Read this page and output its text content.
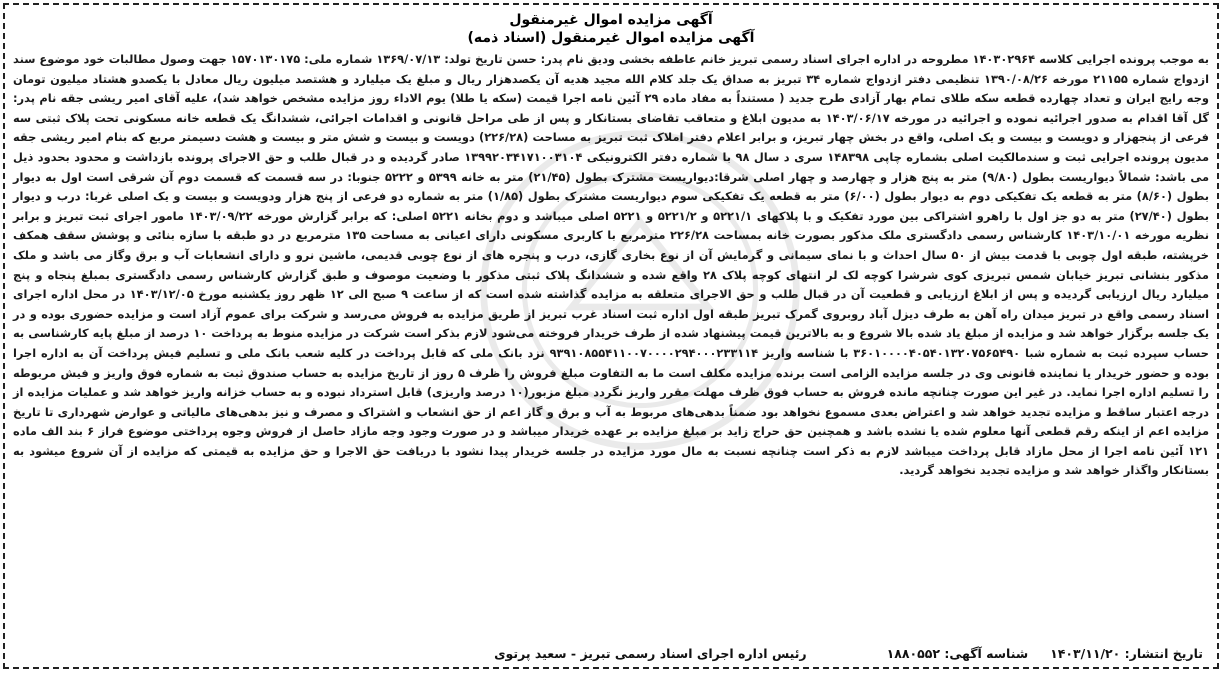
آگهی مزایده اموال غیرمنقول
آگهی مزایده اموال غیرمنقول (اسناد ذمه)
به موجب پرونده اجرایی کلاسه ۱۴۰۳۰۲۹۶۴ مطروحه در اداره اجرای اسناد رسمی تبریز خانم عاطفه بخشی ودیق نام پدر: حسن تاریخ تولد: ۱۳۶۹/۰۷/۱۳ شماره ملی: ۱۵۷۰۱۳۰۱۷۵ جهت وصول مطالبات خود موضوع سند ازدواج شماره ۲۱۱۵۵ مورخه ۱۳۹۰/۰۸/۲۶ تنظیمی دفتر ازدواج شماره ۳۴ تبریز به صداق یک جلد کلام الله مجید هدیه آن یکصدهزار ریال و مبلغ یک میلیارد و هشتصد میلیون ریال معادل با یکصدو هشتاد میلیون تومان وجه رایج ایران و تعداد چهارده قطعه سکه طلای تمام بهار آزادی طرح جدید ( مستنداً به مفاد ماده ۲۹ آئین نامه اجرا قیمت (سکه یا طلا) یوم الاداء روز مزایده مشخص خواهد شد)، علیه آقای امیر ریشی جقه نام پدر: گل آقا اقدام به صدور اجرائیه نموده و اجرائیه در مورخه ۱۴۰۳/۰۶/۱۷ به مدیون ابلاغ و متعاقب تقاضای بستانکار و پس از طی مراحل قانونی و اقدامات اجرائی، ششدانگ یک قطعه خانه مسکونی تحت پلاک ثبتی سه فرعی از پنجهزار و دویست و بیست و یک اصلی، واقع در بخش چهار تبریز، و برابر اعلام دفتر املاک ثبت تبریز به مساحت (۲۲۶/۲۸) دویست و بیست و شش متر و بیست و هشت دسیمتر مربع که بنام امیر ریشی جقه مدیون پرونده اجرایی ثبت و سندمالکیت اصلی بشماره چاپی ۱۴۸۳۹۸ سری د سال ۹۸ با شماره دفتر الکترونیکی ۱۳۹۹۲۰۳۴۱۷۱۰۰۳۱۰۴ صادر گردیده و در قبال طلب و حق الاجرای پرونده بازداشت و محدود بحدود ذیل می باشد: شمالاً دیواریست بطول (۹/۸۰) متر به پنج هزار و چهارصد و چهار اصلی شرقا:دیواریست مشترک بطول (۲۱/۴۵) متر به خانه ۵۳۹۹ و ۵۲۲۲ جنوبا: در سه قسمت که قسمت دوم آن شرقی است اول به دیوار بطول (۸/۶۰) متر به قطعه یک تفکیکی دوم به دیوار بطول (۶/۰۰) متر به قطعه یک تفکیکی سوم دیواریست مشترک بطول (۱/۸۵) متر به شماره دو فرعی از پنج هزار ودویست و بیست و یک اصلی غربا: درب و دیوار بطول (۲۷/۴۰) متر به دو جز اول با راهرو اشتراکی بین مورد تفکیک و با پلاکهای ۵۲۲۱/۱ و ۵۲۲۱/۲ و ۵۲۲۱ اصلی میباشد و دوم بخانه ۵۲۲۱ اصلی: که برابر گزارش مورخه ۱۴۰۳/۰۹/۲۲ مامور اجرای ثبت تبریز و برابر نظریه مورخه ۱۴۰۳/۱۰/۰۱ کارشناس رسمی دادگستری ملک مذکور بصورت خانه بمساحت ۲۲۶/۲۸ مترمربع با کاربری مسکونی دارای اعیانی به مساحت ۱۳۵ مترمربع در دو طبقه با سازه بنائی و پوشش سقف همکف خرپشته، طبقه اول چوبی با قدمت بیش از ۵۰ سال احداث و با نمای سیمانی و گرمایش آن از نوع بخاری گازی، درب و پنجره های از نوع چوبی قدیمی، ماشین نرو و دارای انشعابات آب و برق وگاز می باشد و ملک مذکور بنشانی تبریز خیابان شمس تبریزی کوی شرشرا کوچه لک لر انتهای کوچه پلاک ۲۸ واقع شده و ششدانگ پلاک ثبتی مذکور با وضعیت موصوف و طبق گزارش کارشناس رسمی دادگستری بمبلغ پنجاه و پنج میلیارد ریال ارزیابی گردیده و پس از ابلاغ ارزیابی و قطعیت آن در قبال طلب و حق الاجرای متعلقه به مزایده گذاشته شده است که از ساعت ۹ صبح الی ۱۲ ظهر روز یکشنبه مورخ ۱۴۰۳/۱۲/۰۵ در محل اداره اجرای اسناد رسمی واقع در تبریز میدان راه آهن به طرف دیزل آباد روبروی گمرک تبریز طبقه اول اداره ثبت اسناد غرب تبریز از طریق مزایده به فروش می‌رسد و شرکت برای عموم آزاد است و مزایده حضوری بوده و در یک جلسه برگزار خواهد شد و مزایده از مبلغ یاد شده بالا شروع و به بالاترین قیمت پیشنهاد شده از طرف خریدار فروخته می‌شود لازم بذکر است شرکت در مزایده منوط به پرداخت ۱۰ درصد از مبلغ پایه کارشناسی به حساب سپرده ثبت به شماره شبا ۳۶۰۱۰۰۰۰۴۰۵۴۰۱۳۲۰۷۵۶۵۴۹۰ با شناسه واریز ۹۳۹۱۰۸۵۵۴۱۱۰۰۷۰۰۰۰۲۹۴۰۰۰۲۳۳۱۱۴ نزد بانک ملی که قابل پرداخت در کلیه شعب بانک ملی و تسلیم فیش پرداخت آن به اداره اجرا بوده و حضور خریدار یا نماینده قانونی وی در جلسه مزایده الزامی است برنده مزایده مکلف است ما به التفاوت مبلغ فروش را ظرف ۵ روز از تاریخ مزایده به حساب صندوق ثبت به شماره فوق واریز و فیش مربوطه را تسلیم اداره اجرا نماید. در غیر این صورت چنانچه مانده فروش به حساب فوق ظرف مهلت مقرر واریز نگردد مبلغ مزبور(۱۰ درصد واریزی) قابل استرداد نبوده و به حساب خزانه واریز خواهد شد و عملیات مزایده از درجه اعتبار ساقط و مزایده تجدید خواهد شد و اعتراض بعدی مسموع نخواهد بود ضمناً بدهی‌های مربوط به آب و برق و گاز اعم از حق انشعاب و اشتراک و مصرف و نیز بدهی‌های مالیاتی و عوارض شهرداری تا تاریخ مزایده اعم از اینکه رقم قطعی آنها معلوم شده یا نشده باشد و همچنین حق حراج زاید بر مبلغ مزایده بر عهده خریدار میباشد و در صورت وجود وجه مازاد حاصل از فروش وجوه پرداختی موضوع فراز ۶ بند الف ماده ۱۲۱ آئین نامه اجرا از محل مازاد قابل پرداخت میباشد لازم به ذکر است چنانچه نسبت به مال مورد مزایده در جلسه خریدار پیدا نشود با دریافت حق الاجرا و حق مزایده به قیمتی که مزایده از آن شروع میشود به بستانکار واگذار خواهد شد و مزایده تجدید نخواهد گردید.
تاریخ انتشار: ۱۴۰۳/۱۱/۲۰
شناسه آگهی: ۱۸۸۰۵۵۲
رئیس اداره اجرای اسناد رسمی تبریز - سعید پرتوی
